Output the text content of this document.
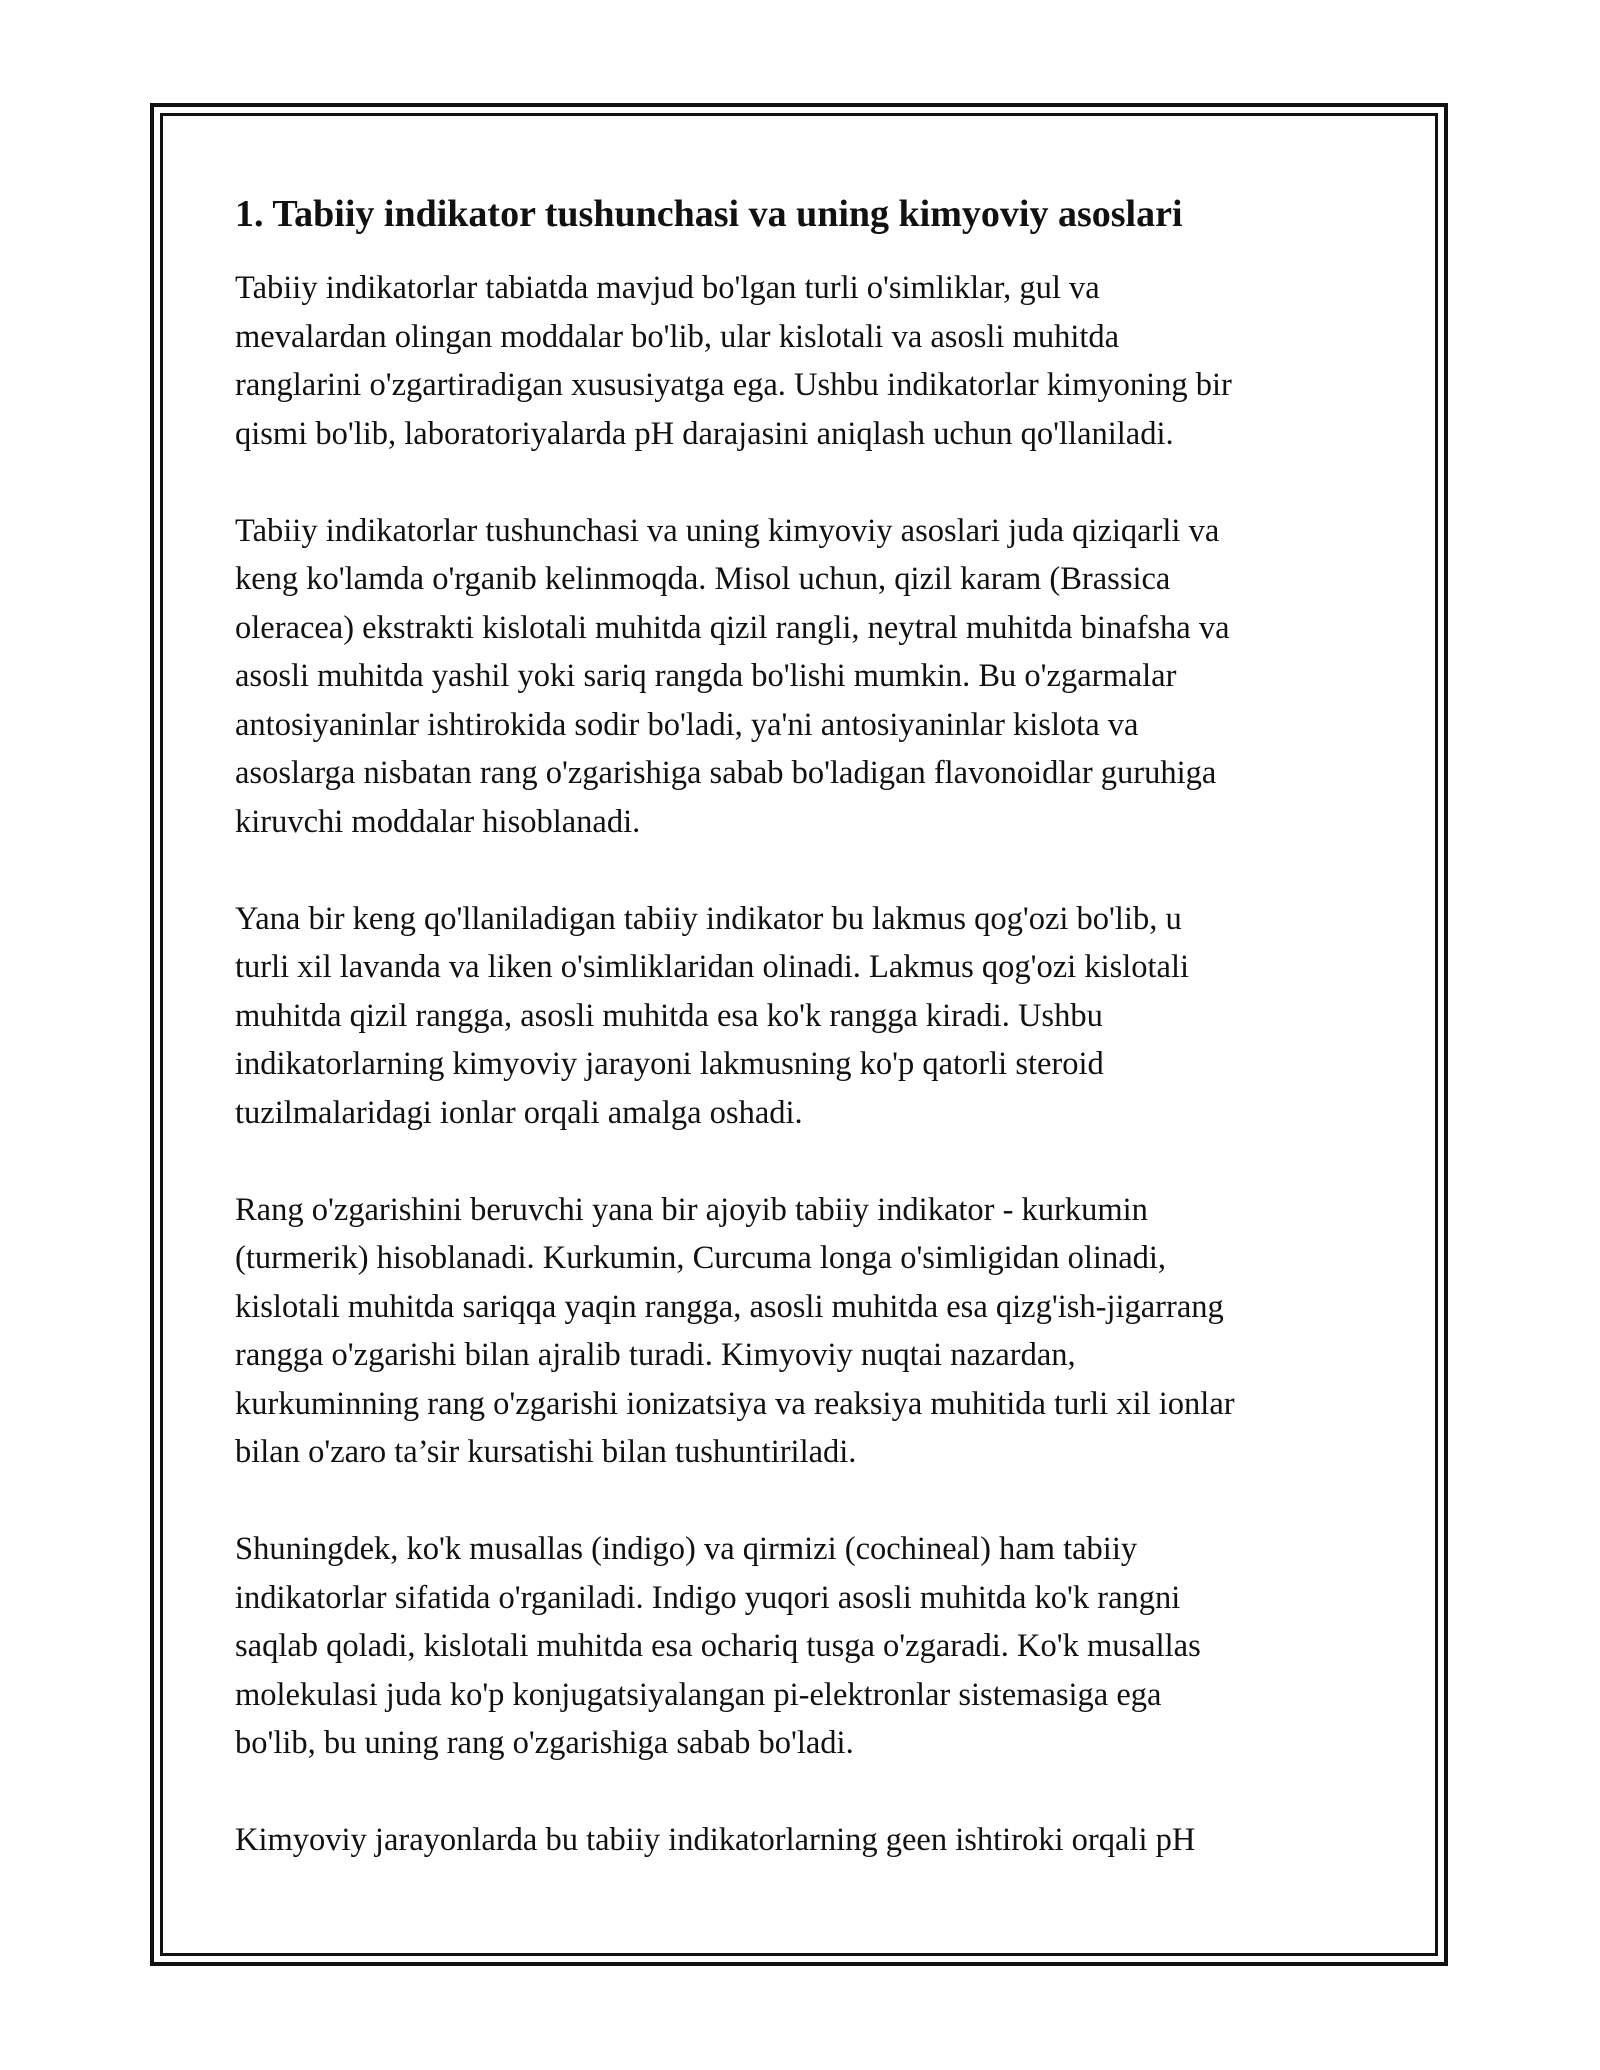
1. Tabiiy indikator tushunchasi va uning kimyoviy asoslari

Tabiiy indikatorlar tabiatda mavjud bo'lgan turli o'simliklar, gul va
mevalardan olingan moddalar bo'lib, ular kislotali va asosli muhitda
ranglarini o'zgartiradigan xususiyatga ega. Ushbu indikatorlar kimyoning bir
qismi bo'lib, laboratoriyalarda pH darajasini aniqlash uchun qo'llaniladi.

Tabiiy indikatorlar tushunchasi va uning kimyoviy asoslari juda qiziqarli va
keng ko'lamda o'rganib kelinmoqda. Misol uchun, qizil karam (Brassica
oleracea) ekstrakti kislotali muhitda qizil rangli, neytral muhitda binafsha va
asosli muhitda yashil yoki sariq rangda bo'lishi mumkin. Bu o'zgarmalar
antosiyaninlar ishtirokida sodir bo'ladi, ya'ni antosiyaninlar kislota va
asoslarga nisbatan rang o'zgarishiga sabab bo'ladigan flavonoidlar guruhiga
kiruvchi moddalar hisoblanadi.

Yana bir keng qo'llaniladigan tabiiy indikator bu lakmus qog'ozi bo'lib, u
turli xil lavanda va liken o'simliklaridan olinadi. Lakmus qog'ozi kislotali
muhitda qizil rangga, asosli muhitda esa ko'k rangga kiradi. Ushbu
indikatorlarning kimyoviy jarayoni lakmusning ko'p qatorli steroid
tuzilmalaridagi ionlar orqali amalga oshadi.

Rang o'zgarishini beruvchi yana bir ajoyib tabiiy indikator - kurkumin
(turmerik) hisoblanadi. Kurkumin, Curcuma longa o'simligidan olinadi,
kislotali muhitda sariqqa yaqin rangga, asosli muhitda esa qizg'ish-jigarrang
rangga o'zgarishi bilan ajralib turadi. Kimyoviy nuqtai nazardan,
kurkuminning rang o'zgarishi ionizatsiya va reaksiya muhitida turli xil ionlar
bilan o'zaro ta’sir kursatishi bilan tushuntiriladi.

Shuningdek, ko'k musallas (indigo) va qirmizi (cochineal) ham tabiiy
indikatorlar sifatida o'rganiladi. Indigo yuqori asosli muhitda ko'k rangni
saqlab qoladi, kislotali muhitda esa ochariq tusga o'zgaradi. Ko'k musallas
molekulasi juda ko'p konjugatsiyalangan pi-elektronlar sistemasiga ega
bo'lib, bu uning rang o'zgarishiga sabab bo'ladi.

Kimyoviy jarayonlarda bu tabiiy indikatorlarning geen ishtiroki orqali pH
